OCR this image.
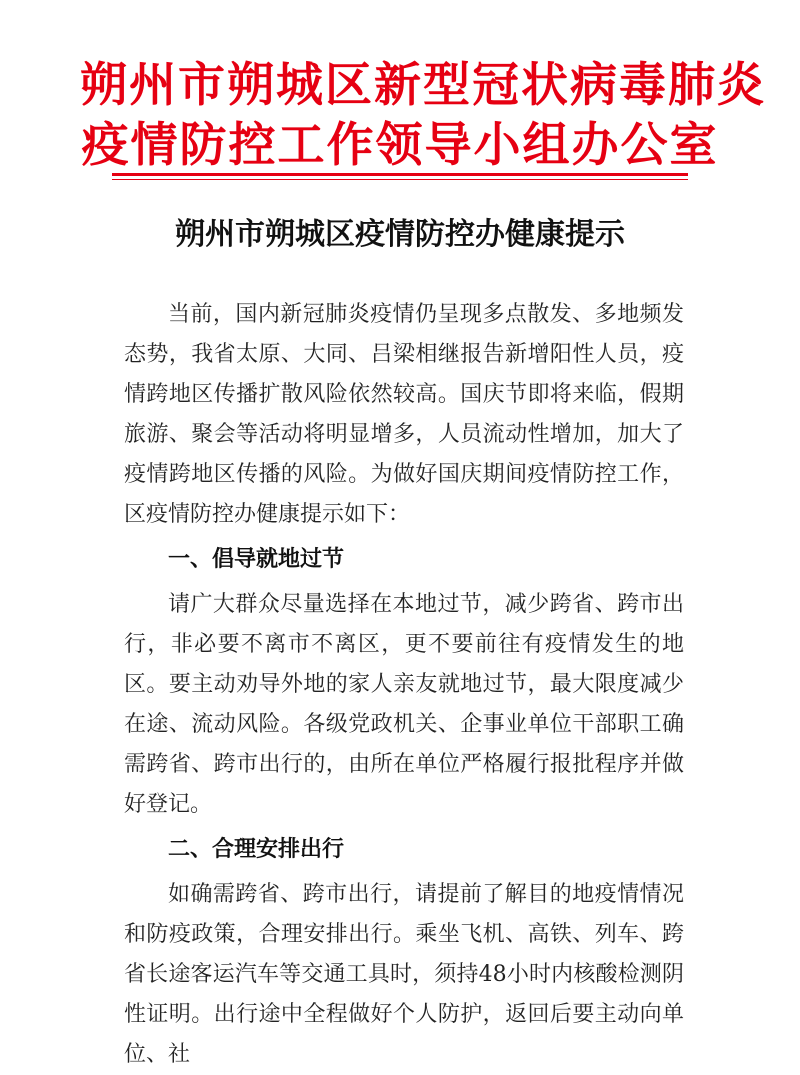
朔州市朔城区新型冠状病毒肺炎
疫情防控工作领导小组办公室
朔州市朔城区疫情防控办健康提示

当前，国内新冠肺炎疫情仍呈现多点散发、多地频发态势，我省太原、大同、吕梁相继报告新增阳性人员，疫情跨地区传播扩散风险依然较高。国庆节即将来临，假期旅游、聚会等活动将明显增多，人员流动性增加，加大了疫情跨地区传播的风险。为做好国庆期间疫情防控工作，区疫情防控办健康提示如下：

一、倡导就地过节

请广大群众尽量选择在本地过节，减少跨省、跨市出行，非必要不离市不离区，更不要前往有疫情发生的地区。要主动劝导外地的家人亲友就地过节，最大限度减少在途、流动风险。各级党政机关、企事业单位干部职工确需跨省、跨市出行的，由所在单位严格履行报批程序并做好登记。

二、合理安排出行

如确需跨省、跨市出行，请提前了解目的地疫情情况和防疫政策，合理安排出行。乘坐飞机、高铁、列车、跨省长途客运汽车等交通工具时，须持48小时内核酸检测阴性证明。出行途中全程做好个人防护，返回后要主动向单位、社
